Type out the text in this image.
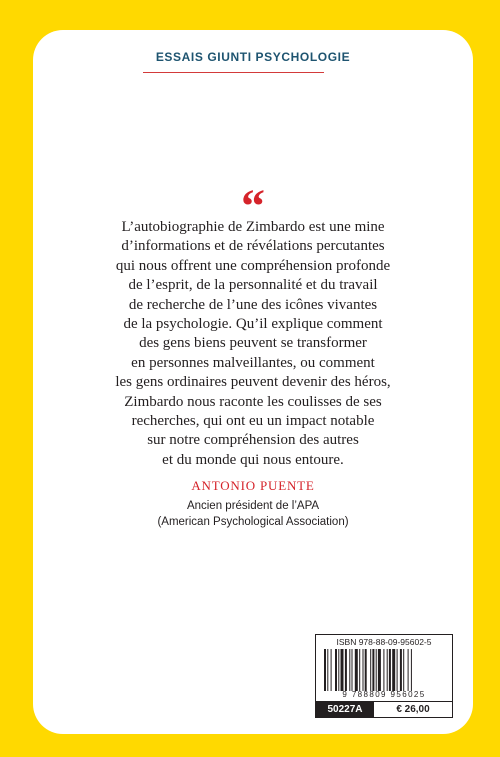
ESSAIS GIUNTI PSYCHOLOGIE
“
L’autobiographie de Zimbardo est une mine
d’informations et de révélations percutantes
qui nous offrent une compréhension profonde
de l’esprit, de la personnalité et du travail
de recherche de l’une des icônes vivantes
de la psychologie. Qu’il explique comment
des gens biens peuvent se transformer
en personnes malveillantes, ou comment
les gens ordinaires peuvent devenir des héros,
Zimbardo nous raconte les coulisses de ses
recherches, qui ont eu un impact notable
sur notre compréhension des autres
et du monde qui nous entoure.
ANTONIO PUENTE
Ancien président de l’APA
(American Psychological Association)
ISBN 978-88-09-95602-5
9 788809 956025
50227A	€ 26,00
